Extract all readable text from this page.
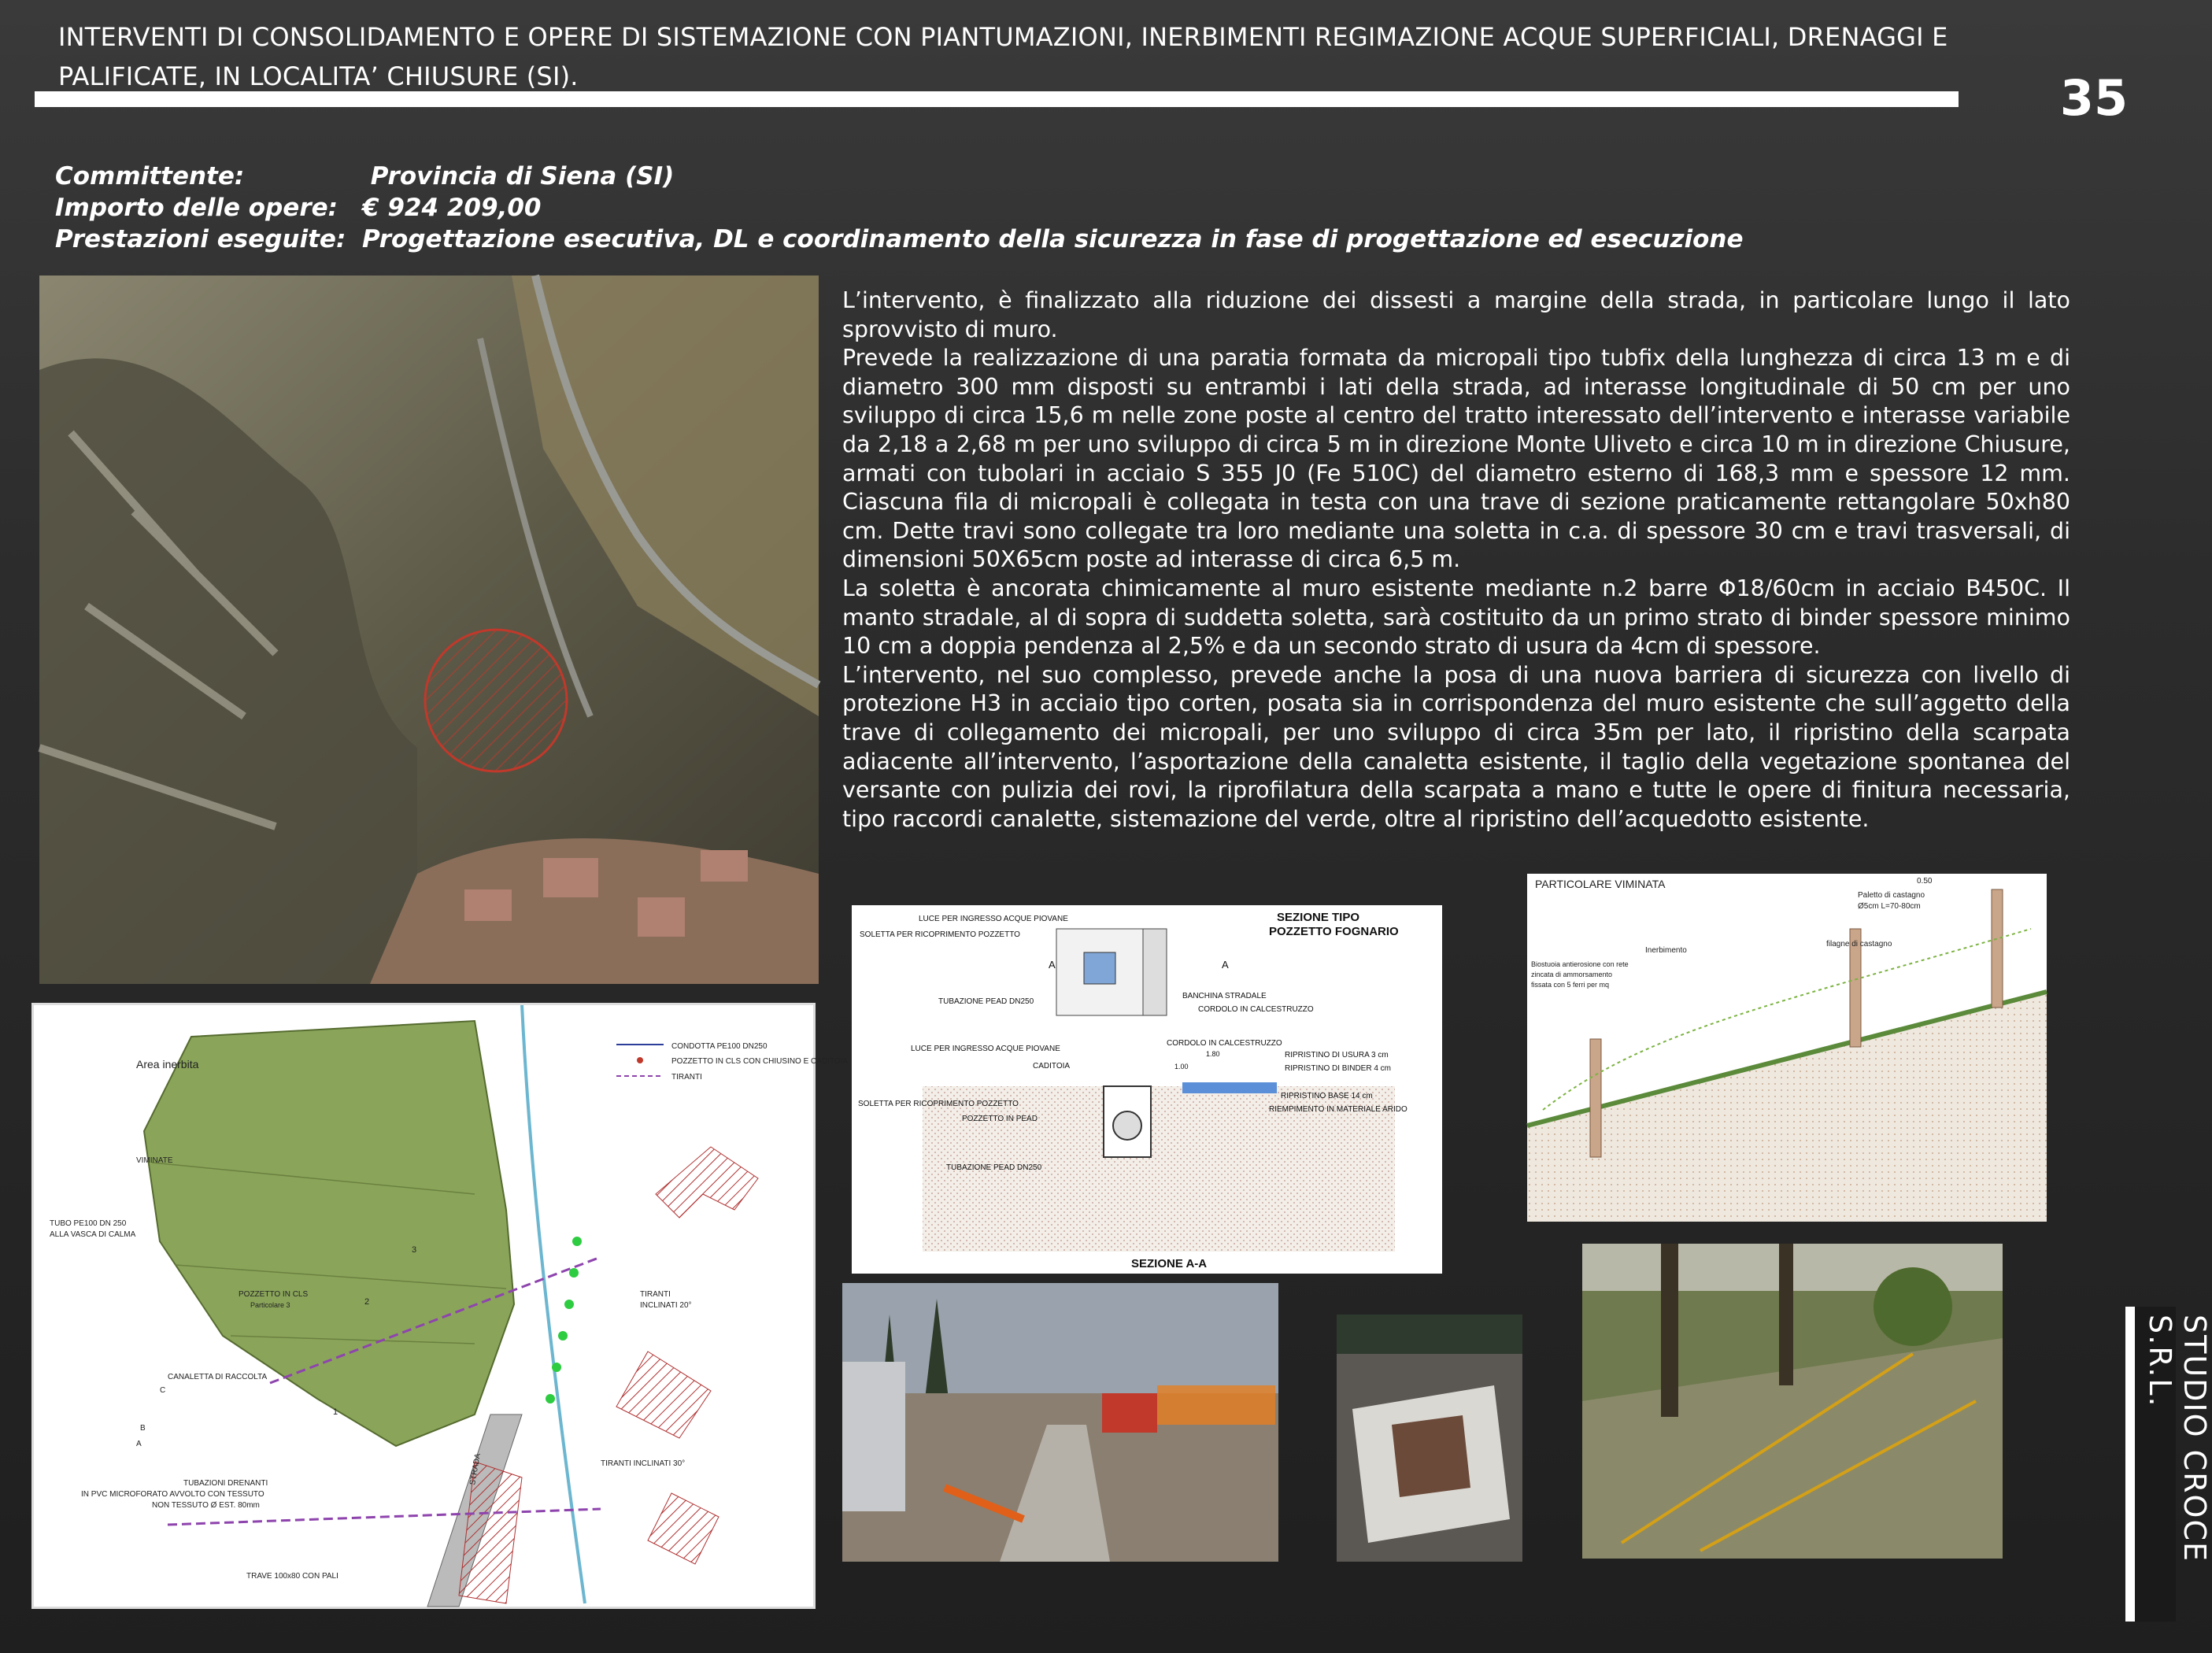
INTERVENTI DI CONSOLIDAMENTO E OPERE DI SISTEMAZIONE CON PIANTUMAZIONI, INERBIMENTI REGIMAZIONE ACQUE SUPERFICIALI, DRENAGGI E PALIFICATE, IN LOCALITA’ CHIUSURE (SI).	35
Committente:	Provincia di Siena (SI)
Importo delle opere: € 924 209,00
Prestazioni eseguite: Progettazione esecutiva, DL e coordinamento della sicurezza in fase di progettazione ed esecuzione

L’intervento, è finalizzato alla riduzione dei dissesti a margine della strada, in particolare lungo il lato sprovvisto di muro.

Prevede la realizzazione di una paratia formata da micropali tipo tubfix della lunghezza di circa 13 m e di diametro 300 mm disposti su entrambi i lati della strada, ad interasse longitudinale di 50 cm per uno sviluppo di circa 15,6 m nelle zone poste al centro del tratto interessato dell’intervento e interasse variabile da 2,18 a 2,68 m per uno sviluppo di circa 5 m in direzione Monte Uliveto e circa 10 m in direzione Chiusure, armati con tubolari in acciaio S 355 J0 (Fe 510C) del diametro esterno di 168,3 mm e spessore 12 mm. Ciascuna fila di micropali è collegata in testa con una trave di sezione praticamente rettangolare 50xh80 cm. Dette travi sono collegate tra loro mediante una soletta in c.a. di spessore 30 cm e travi trasversali, di dimensioni 50X65cm poste ad interasse di circa 6,5 m.

La soletta è ancorata chimicamente al muro esistente mediante n.2 barre Φ18/60cm in acciaio B450C. Il manto stradale, al di sopra di suddetta soletta, sarà costituito da un primo strato di binder spessore minimo 10 cm a doppia pendenza al 2,5% e da un secondo strato di usura da 4cm di spessore.

L’intervento, nel suo complesso, prevede anche la posa di una nuova barriera di sicurezza con livello di protezione H3 in acciaio tipo corten, posata sia in corrispondenza del muro esistente che sull’aggetto della trave di collegamento dei micropali, per uno sviluppo di circa 35m per lato, il ripristino della scarpata adiacente all’intervento, l’asportazione della canaletta esistente, il taglio della vegetazione spontanea del versante con pulizia dei rovi, la riprofilatura della scarpata a mano e tutte le opere di finitura necessaria, tipo raccordi canalette, sistemazione del verde, oltre al ripristino dell’acquedotto esistente.

CONDOTTA PE100 DN250
POZZETTO IN CLS CON CHIUSINO E CADITOIA
TIRANTI
Area inerbita
VIMINATE
TUBO PE100 DN 250
ALLA VASCA DI CALMA
POZZETTO IN CLS
Particolare 3
CANALETTA DI RACCOLTA
TIRANTI
INCLINATI 20°
TIRANTI INCLINATI 30°
TUBAZIONI DRENANTI
IN PVC MICROFORATO AVVOLTO CON TESSUTO
NON TESSUTO Ø EST. 80mm
TRAVE 100x80 CON PALI
STRADA
C
B
A
1
2
3
LUCE PER INGRESSO ACQUE PIOVANE
SOLETTA PER RICOPRIMENTO POZZETTO
BANCHINA STRADALE
CORDOLO IN CALCESTRUZZO
TUBAZIONE PEAD DN250
LUCE PER INGRESSO ACQUE PIOVANE
CADITOIA
CORDOLO IN CALCESTRUZZO
RIPRISTINO DI USURA 3 cm
RIPRISTINO DI BINDER 4 cm
RIPRISTINO BASE 14 cm
RIEMPIMENTO IN MATERIALE ARIDO
SOLETTA PER RICOPRIMENTO POZZETTO
POZZETTO IN PEAD
TUBAZIONE PEAD DN250
A	A
1.80
1.00
SEZIONE TIPO
POZZETTO FOGNARIO
SEZIONE A-A
PARTICOLARE VIMINATA
Paletto di castagno
Ø5cm L=70-80cm
filagne di castagno
Inerbimento
Biostuoia antierosione con rete
zincata di ammorsamento
fissata con 5 ferri per mq
0.50
STUDIO CROCE S.R.L.
